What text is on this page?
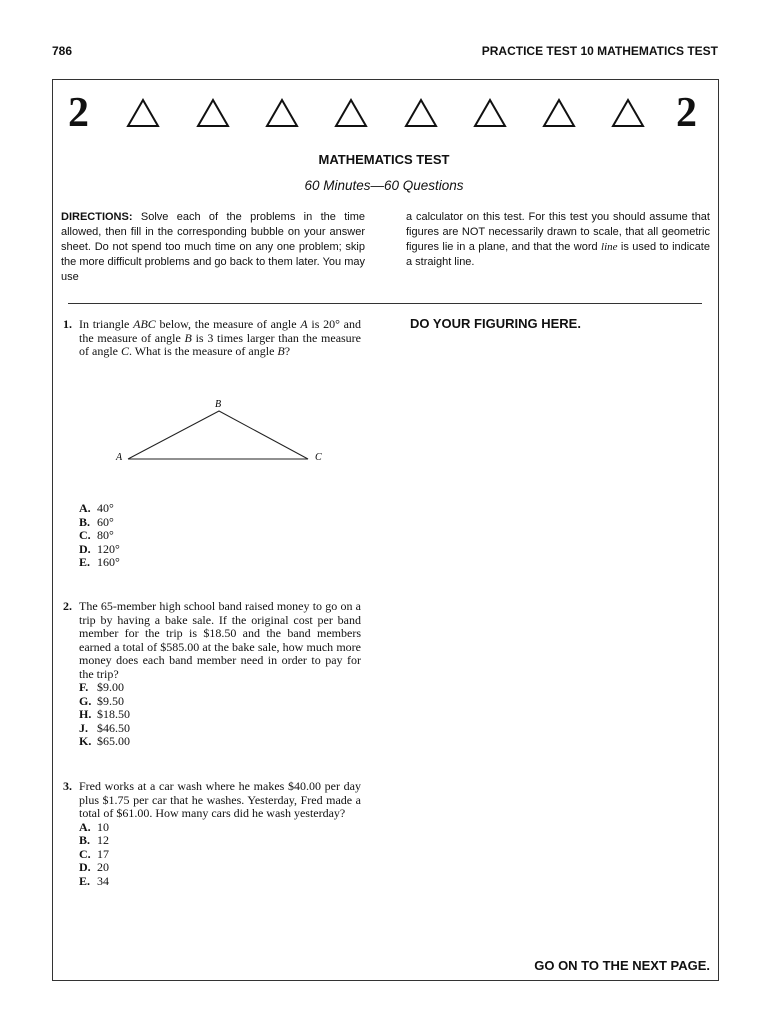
786	PRACTICE TEST 10 MATHEMATICS TEST
2	2
MATHEMATICS TEST
60 Minutes—60 Questions
DIRECTIONS: Solve each of the problems in the time allowed, then fill in the corresponding bubble on your answer sheet. Do not spend too much time on any one problem; skip the more difficult problems and go back to them later. You may use
a calculator on this test. For this test you should assume that figures are NOT necessarily drawn to scale, that all geometric figures lie in a plane, and that the word line is used to indicate a straight line.
DO YOUR FIGURING HERE.
1. In triangle ABC below, the measure of angle A is 20° and the measure of angle B is 3 times larger than the measure of angle C. What is the measure of angle B?
A
B
C
A. 40°
B. 60°
C. 80°
D. 120°
E. 160°
2. The 65-member high school band raised money to go on a trip by having a bake sale. If the original cost per band member for the trip is $18.50 and the band members earned a total of $585.00 at the bake sale, how much more money does each band member need in order to pay for the trip?
F. $9.00
G. $9.50
H. $18.50
J. $46.50
K. $65.00
3. Fred works at a car wash where he makes $40.00 per day plus $1.75 per car that he washes. Yesterday, Fred made a total of $61.00. How many cars did he wash yesterday?
A. 10
B. 12
C. 17
D. 20
E. 34
GO ON TO THE NEXT PAGE.
